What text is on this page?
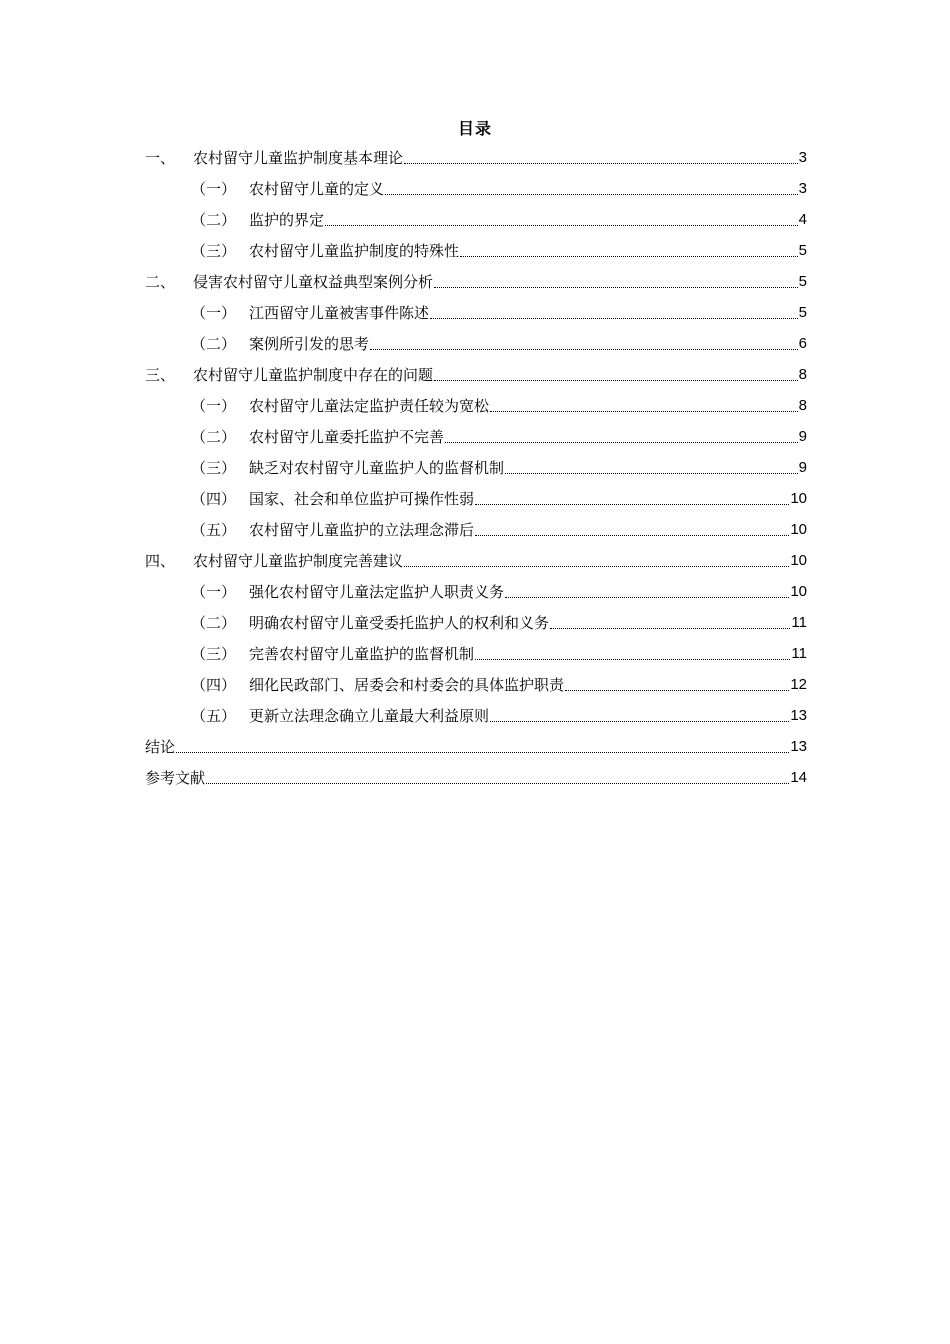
目录
一、	农村留守儿童监护制度基本理论	3
（一） 农村留守儿童的定义	3
（二） 监护的界定	4
（三） 农村留守儿童监护制度的特殊性	5
二、	侵害农村留守儿童权益典型案例分析	5
（一） 江西留守儿童被害事件陈述	5
（二） 案例所引发的思考	6
三、	农村留守儿童监护制度中存在的问题	8
（一） 农村留守儿童法定监护责任较为宽松	8
（二） 农村留守儿童委托监护不完善	9
（三） 缺乏对农村留守儿童监护人的监督机制	9
（四） 国家、社会和单位监护可操作性弱	10
（五） 农村留守儿童监护的立法理念滞后	10
四、	农村留守儿童监护制度完善建议	10
（一） 强化农村留守儿童法定监护人职责义务	10
（二） 明确农村留守儿童受委托监护人的权利和义务	11
（三） 完善农村留守儿童监护的监督机制	11
（四） 细化民政部门、居委会和村委会的具体监护职责	12
（五） 更新立法理念确立儿童最大利益原则	13
结论	13
参考文献	14
